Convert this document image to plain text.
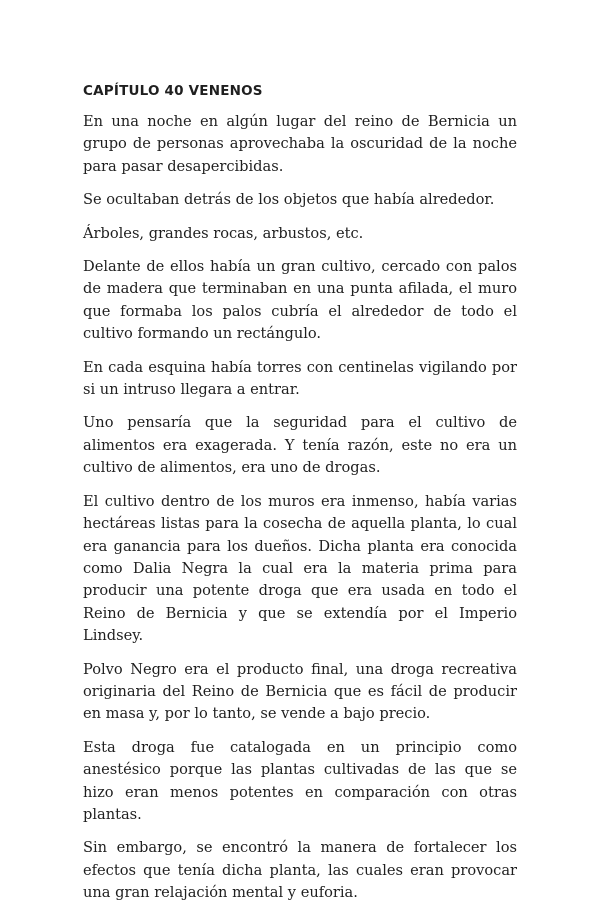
CAPÍTULO 40 VENENOS

En una noche en algún lugar del reino de Bernicia un grupo de personas aprovechaba la oscuridad de la noche para pasar desapercibidas.

Se ocultaban detrás de los objetos que había alrededor.

Árboles, grandes rocas, arbustos, etc.

Delante de ellos había un gran cultivo, cercado con palos de madera que terminaban en una punta afilada, el muro que formaba los palos cubría el alrededor de todo el cultivo formando un rectángulo.

En cada esquina había torres con centinelas vigilando por si un intruso llegara a entrar.

Uno pensaría que la seguridad para el cultivo de alimentos era exagerada. Y tenía razón, este no era un cultivo de alimentos, era uno de drogas.

El cultivo dentro de los muros era inmenso, había varias hectáreas listas para la cosecha de aquella planta, lo cual era ganancia para los dueños. Dicha planta era conocida como Dalia Negra la cual era la materia prima para producir una potente droga que era usada en todo el Reino de Bernicia y que se extendía por el Imperio Lindsey.

Polvo Negro era el producto final, una droga recreativa originaria del Reino de Bernicia que es fácil de producir en masa y, por lo tanto, se vende a bajo precio.

Esta droga fue catalogada en un principio como anestésico porque las plantas cultivadas de las que se hizo eran menos potentes en comparación con otras plantas.

Sin embargo, se encontró la manera de fortalecer los efectos que tenía dicha planta, las cuales eran provocar una gran relajación mental y euforia.
